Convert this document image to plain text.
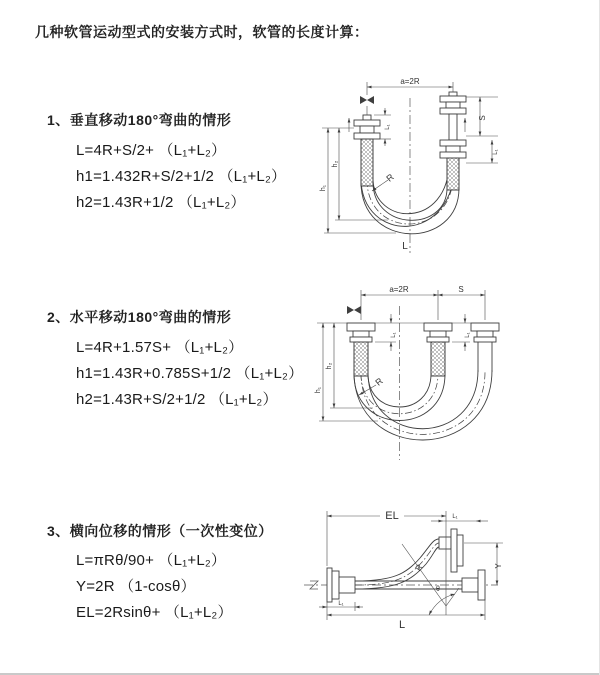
几种软管运动型式的安装方式时，软管的长度计算：
1、垂直移动180°弯曲的情形
L=4R+S/2+ （L₁+L₂）
h1=1.432R+S/2+1/2 （L₁+L₂）
h2=1.43R+1/2 （L₁+L₂）
2、水平移动180°弯曲的情形
L=4R+1.57S+ （L₁+L₂）
h1=1.43R+0.785S+1/2 （L₁+L₂）
h2=1.43R+S/2+1/2 （L₁+L₂）
3、横向位移的情形（一次性变位）
L=πRθ/90+ （L₁+L₂）
Y=2R （1-cosθ）
EL=2Rsinθ+ （L₁+L₂）
a=2R
S
L₁
L₁
h₁
h₂
R
L
a=2R	S
L₁	L₁
h₁
h₂
R
EL	L₁
L₁
Y
R
θ
L
